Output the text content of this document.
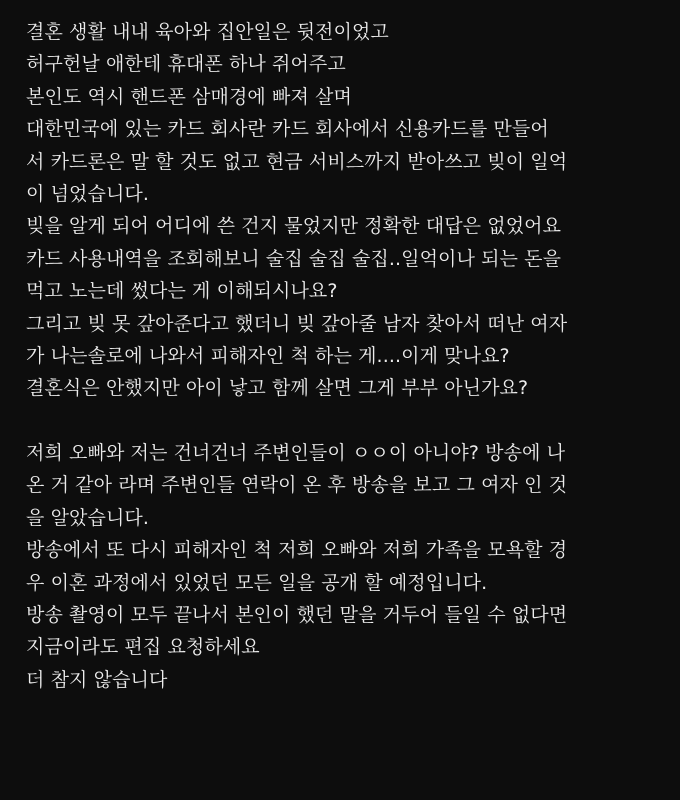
결혼 생활 내내 육아와 집안일은 뒷전이었고
허구헌날 애한테 휴대폰 하나 쥐어주고
본인도 역시 핸드폰 삼매경에 빠져 살며
대한민국에 있는 카드 회사란 카드 회사에서 신용카드를 만들어
서 카드론은 말 할 것도 없고 현금 서비스까지 받아쓰고 빚이 일억
이 넘었습니다.
빚을 알게 되어 어디에 쓴 건지 물었지만 정확한 대답은 없었어요
카드 사용내역을 조회해보니 술집 술집 술집..일억이나 되는 돈을
먹고 노는데 썼다는 게 이해되시나요?
그리고 빚 못 갚아준다고 했더니 빚 갚아줄 남자 찾아서 떠난 여자
가 나는솔로에 나와서 피해자인 척 하는 게....이게 맞나요?
결혼식은 안했지만 아이 낳고 함께 살면 그게 부부 아닌가요?
저희 오빠와 저는 건너건너 주변인들이 ㅇㅇ이 아니야? 방송에 나
온 거 같아 라며 주변인들 연락이 온 후 방송을 보고 그 여자 인 것
을 알았습니다.
방송에서 또 다시 피해자인 척 저희 오빠와 저희 가족을 모욕할 경
우 이혼 과정에서 있었던 모든 일을 공개 할 예정입니다.
방송 촬영이 모두 끝나서 본인이 했던 말을 거두어 들일 수 없다면
지금이라도 편집 요청하세요
더 참지 않습니다
